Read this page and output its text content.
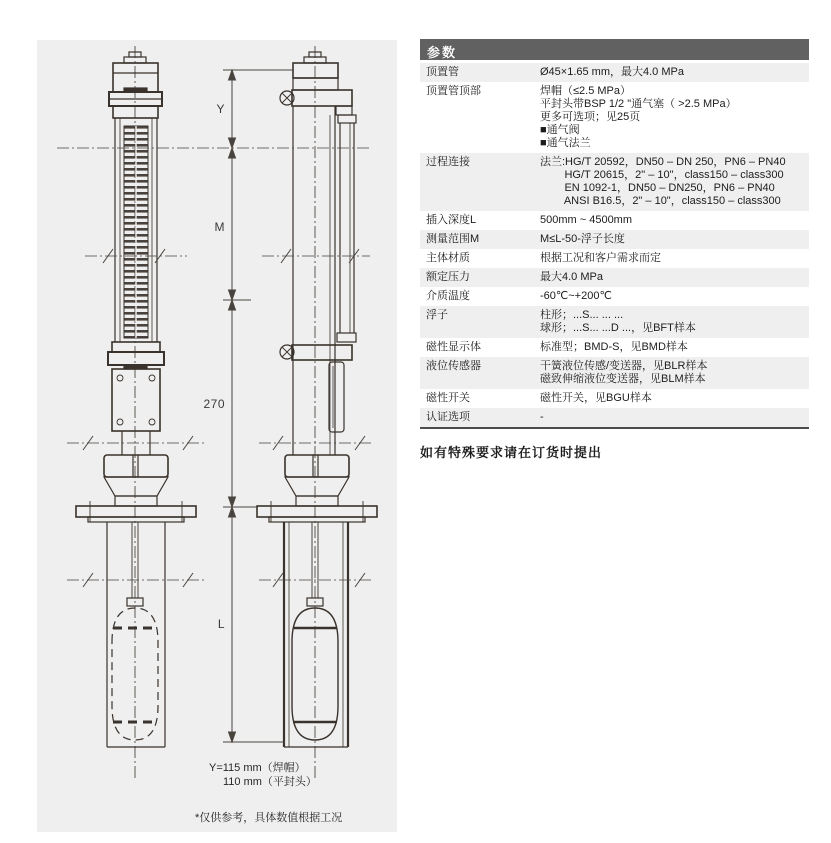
Y
M
270
L
Y=115 mm（焊帽）
110 mm（平封头）
*仅供参考，具体数值根据工况
参数
顶置管	Ø45×1.65 mm，最大4.0 MPa
顶置管顶部	焊帽（≤2.5 MPa）
平封头带BSP 1/2 "通气塞（ >2.5 MPa）
更多可选项；见25页
■通气阀
■通气法兰
过程连接	法兰:HG/T 20592，DN50 – DN 250，PN6 – PN40
HG/T 20615，2" – 10"，class150 – class300
EN 1092-1，DN50 – DN250，PN6 – PN40
ANSI B16.5，2" – 10"，class150 – class300
插入深度L	500mm ~ 4500mm
测量范围M	M≤L-50-浮子长度
主体材质	根据工况和客户需求而定
额定压力	最大4.0 MPa
介质温度	-60℃~+200℃
浮子	柱形；...S... ... ...
球形；...S... ...D ...，见BFT样本
磁性显示体	标准型；BMD-S，见BMD样本
液位传感器	干簧液位传感/变送器，见BLR样本
磁致伸缩液位变送器，见BLM样本
磁性开关	磁性开关，见BGU样本
认证选项	-
如有特殊要求请在订货时提出
